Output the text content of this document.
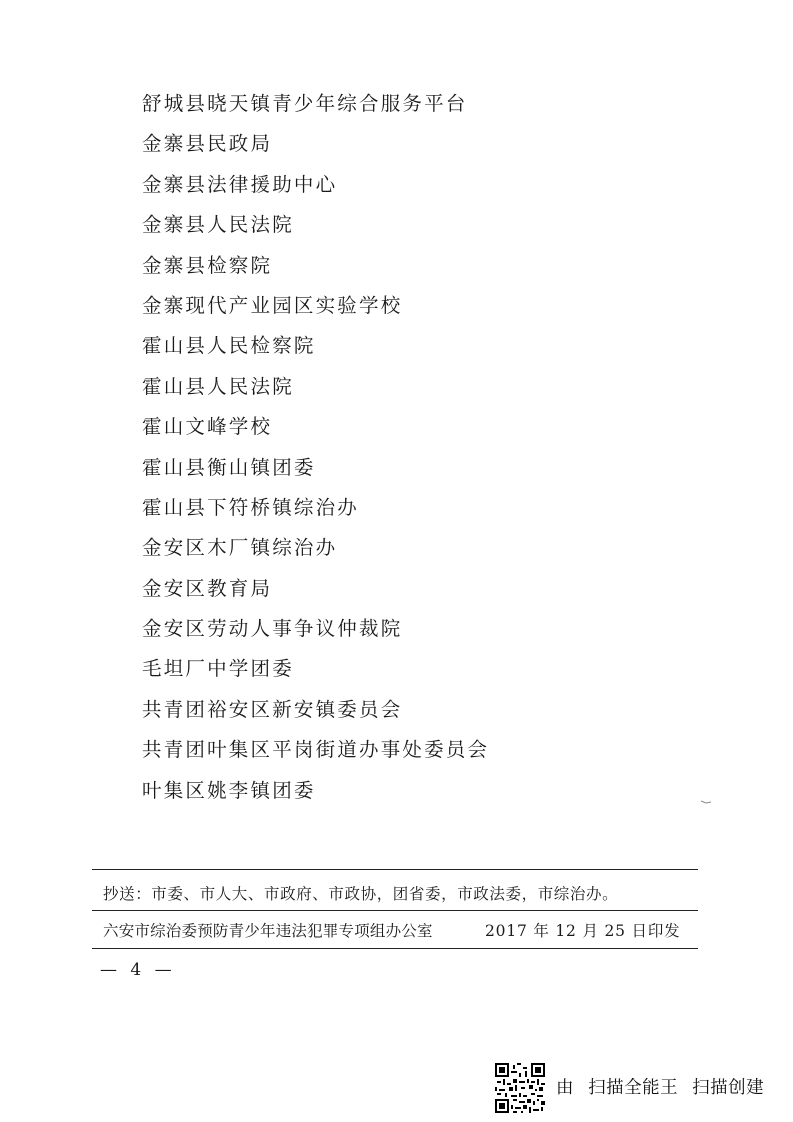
舒城县晓天镇青少年综合服务平台
金寨县民政局
金寨县法律援助中心
金寨县人民法院
金寨县检察院
金寨现代产业园区实验学校
霍山县人民检察院
霍山县人民法院
霍山文峰学校
霍山县衡山镇团委
霍山县下符桥镇综治办
金安区木厂镇综治办
金安区教育局
金安区劳动人事争议仲裁院
毛坦厂中学团委
共青团裕安区新安镇委员会
共青团叶集区平岗街道办事处委员会
叶集区姚李镇团委
抄送：市委、市人大、市政府、市政协，团省委，市政法委，市综治办。
六安市综治委预防青少年违法犯罪专项组办公室	2017 年 12 月 25 日印发
— 4 —
由 扫描全能王 扫描创建
